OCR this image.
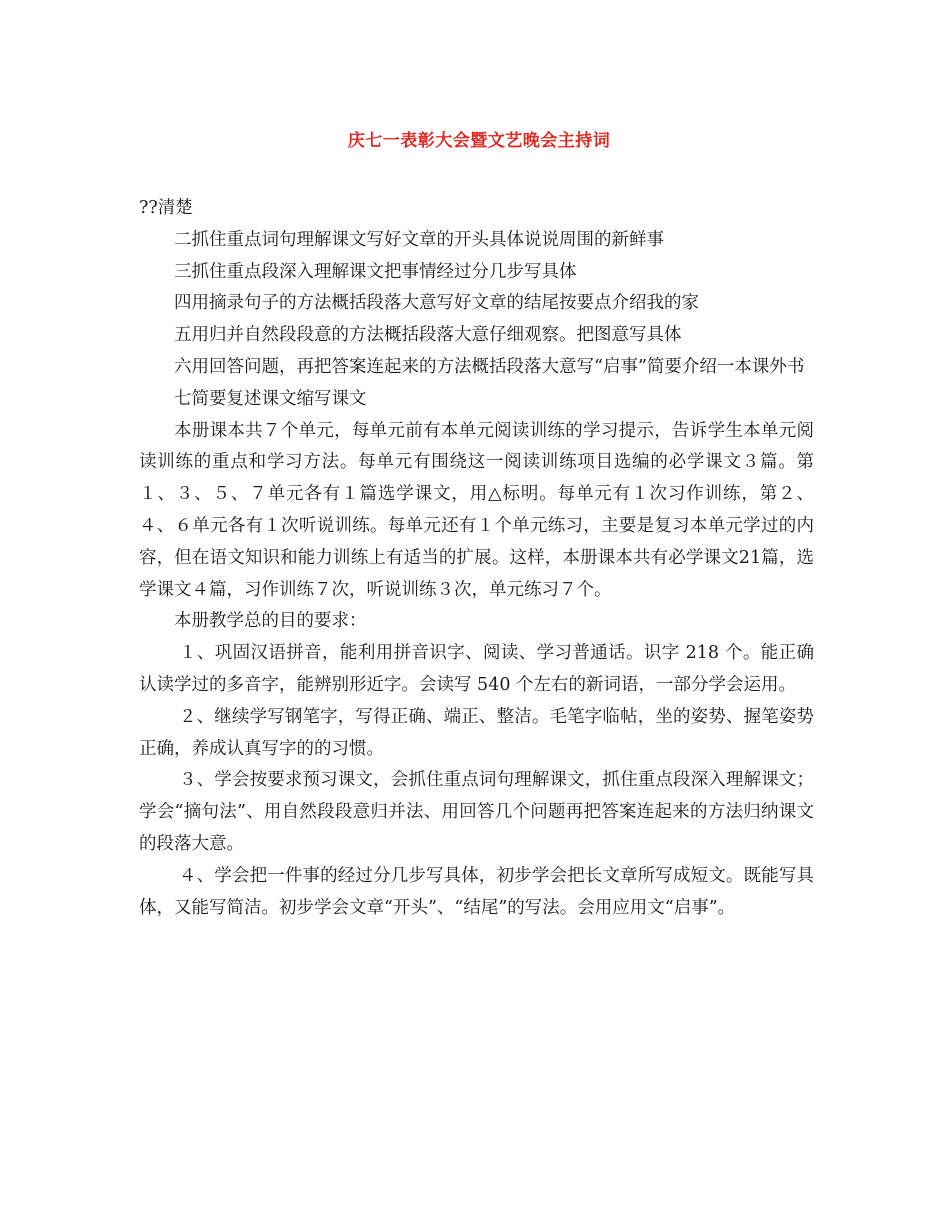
庆七一表彰大会暨文艺晚会主持词

??清楚

二抓住重点词句理解课文写好文章的开头具体说说周围的新鲜事

三抓住重点段深入理解课文把事情经过分几步写具体

四用摘录句子的方法概括段落大意写好文章的结尾按要点介绍我的家

五用归并自然段段意的方法概括段落大意仔细观察。把图意写具体

六用回答问题，再把答案连起来的方法概括段落大意写“启事”简要介绍一本课外书

七简要复述课文缩写课文

本册课本共７个单元，每单元前有本单元阅读训练的学习提示，告诉学生本单元阅读训练的重点和学习方法。每单元有围绕这一阅读训练项目选编的必学课文３篇。第１、３、５、７单元各有１篇选学课文，用△标明。每单元有１次习作训练，第２、４、６单元各有１次听说训练。每单元还有１个单元练习，主要是复习本单元学过的内容，但在语文知识和能力训练上有适当的扩展。这样，本册课本共有必学课文21篇，选学课文４篇，习作训练７次，听说训练３次，单元练习７个。

本册教学总的目的要求：

１、巩固汉语拼音，能利用拼音识字、阅读、学习普通话。识字 218 个。能正确认读学过的多音字，能辨别形近字。会读写 540 个左右的新词语，一部分学会运用。

２、继续学写钢笔字，写得正确、端正、整洁。毛笔字临帖，坐的姿势、握笔姿势正确，养成认真写字的的习惯。

３、学会按要求预习课文，会抓住重点词句理解课文，抓住重点段深入理解课文；学会“摘句法”、用自然段段意归并法、用回答几个问题再把答案连起来的方法归纳课文的段落大意。

４、学会把一件事的经过分几步写具体，初步学会把长文章所写成短文。既能写具体，又能写简洁。初步学会文章“开头”、“结尾”的写法。会用应用文“启事”。
